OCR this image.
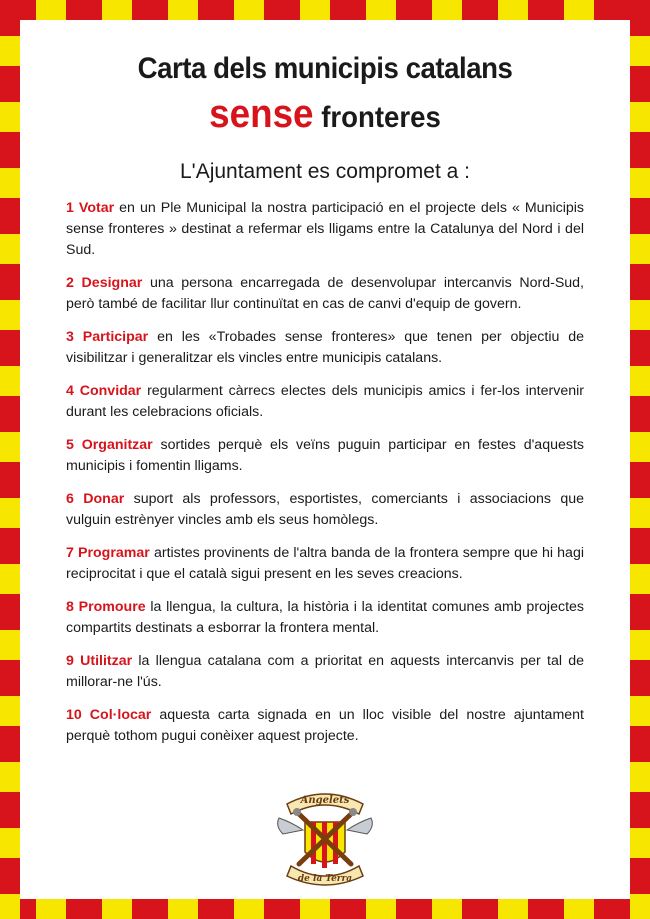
Carta dels municipis catalans
sense fronteres
L'Ajuntament es compromet a :
1 Votar en un Ple Municipal la nostra participació en el projecte dels « Municipis sense fronteres » destinat a refermar els lligams entre la Catalunya del Nord i del Sud.
2 Designar una persona encarregada de desenvolupar intercanvis Nord-Sud, però també de facilitar llur continuïtat en cas de canvi d'equip de govern.
3 Participar en les «Trobades sense fronteres» que tenen per objectiu de visibilitzar i generalitzar els vincles entre municipis catalans.
4 Convidar regularment càrrecs electes dels municipis amics i fer-los intervenir durant les celebracions oficials.
5 Organitzar sortides perquè els veïns puguin participar en festes d'aquests municipis i fomentin lligams.
6 Donar suport als professors, esportistes, comerciants i associacions que vulguin estrènyer vincles amb els seus homòlegs.
7 Programar artistes provinents de l'altra banda de la frontera sempre que hi hagi reciprocitat i que el català sigui present en les seves creacions.
8 Promoure la llengua, la cultura, la història i la identitat comunes amb projectes compartits destinats a esborrar la frontera mental.
9 Utilitzar la llengua catalana com a prioritat en aquests intercanvis per tal de millorar-ne l'ús.
10 Col·locar aquesta carta signada en un lloc visible del nostre ajuntament perquè tothom pugui conèixer aquest projecte.
Angelets
de la Terra
